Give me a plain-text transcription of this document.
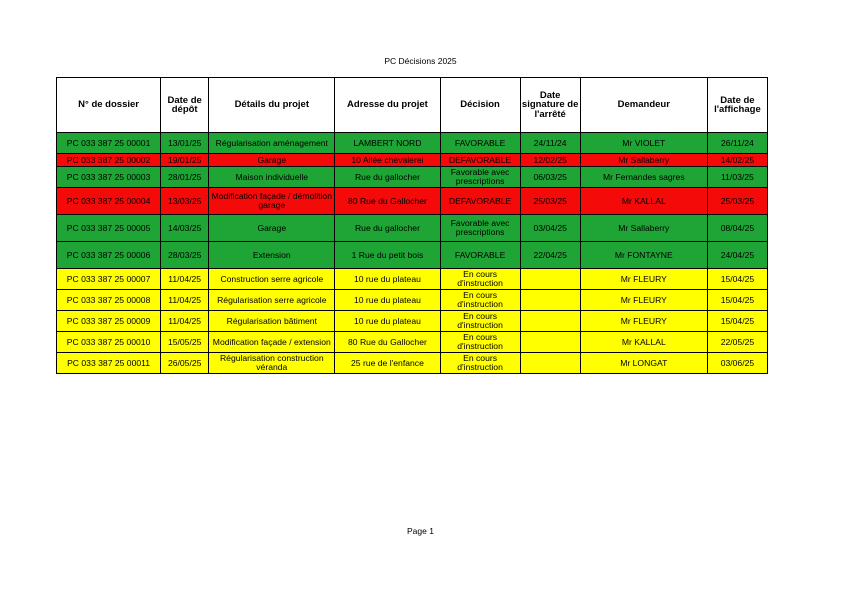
PC Décisions 2025
N° de dossier	Date de dépôt	Détails du projet	Adresse du projet	Décision	Date signature de l'arrêté	Demandeur	Date de l'affichage
PC 033 387 25 00001	13/01/25	Régularisation aménagement	LAMBERT NORD	FAVORABLE	24/11/24	Mr VIOLET	26/11/24
PC 033 387 25 00002	19/01/25	Garage	10 Allée chevalerei	DEFAVORABLE	12/02/25	Mr Sallaberry	14/02/25
PC 033 387 25 00003	28/01/25	Maison individuelle	Rue du gallocher	Favorable avec prescriptions	06/03/25	Mr Fernandes sagres	11/03/25
PC 033 387 25 00004	13/03/25	Modification façade / démolition garage	80 Rue du Gallocher	DEFAVORABLE	25/03/25	Mr KALLAL	25/03/25
PC 033 387 25 00005	14/03/25	Garage	Rue du gallocher	Favorable avec prescriptions	03/04/25	Mr Sallaberry	08/04/25
PC 033 387 25 00006	28/03/25	Extension	1 Rue du petit bois	FAVORABLE	22/04/25	Mr FONTAYNE	24/04/25
PC 033 387 25 00007	11/04/25	Construction serre agricole	10 rue du plateau	En cours d'instruction		Mr FLEURY	15/04/25
PC 033 387 25 00008	11/04/25	Régularisation serre agricole	10 rue du plateau	En cours d'instruction		Mr FLEURY	15/04/25
PC 033 387 25 00009	11/04/25	Régularisation bâtiment	10 rue du plateau	En cours d'instruction		Mr FLEURY	15/04/25
PC 033 387 25 00010	15/05/25	Modification façade / extension	80 Rue du Gallocher	En cours d'instruction		Mr KALLAL	22/05/25
PC 033 387 25 00011	26/05/25	Régularisation construction véranda	25 rue de l'enfance	En cours d'instruction		Mr LONGAT	03/06/25
Page 1
